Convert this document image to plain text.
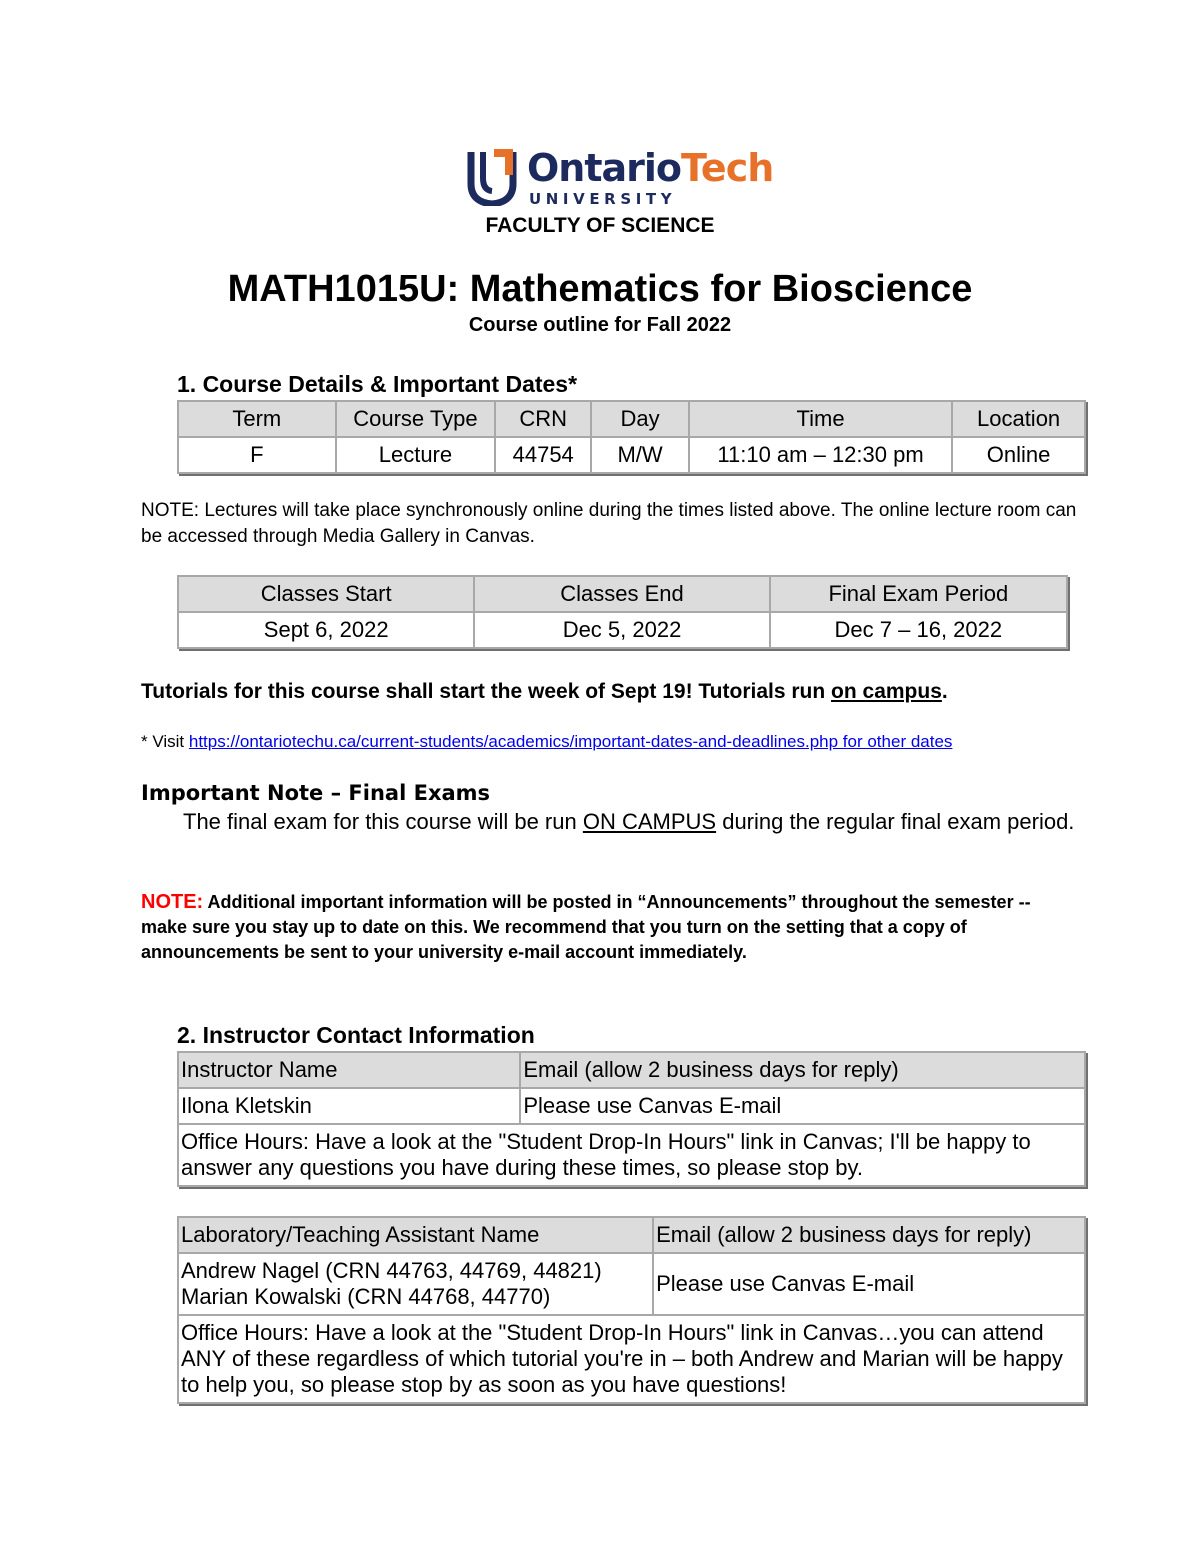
OntarioTech
UNIVERSITY
FACULTY OF SCIENCE
MATH1015U: Mathematics for Bioscience
Course outline for Fall 2022
1. Course Details & Important Dates*
Term	Course Type	CRN	Day	Time	Location
F	Lecture	44754	M/W	11:10 am – 12:30 pm	Online
NOTE: Lectures will take place synchronously online during the times listed above. The online lecture room can be accessed through Media Gallery in Canvas.
Classes Start	Classes End	Final Exam Period
Sept 6, 2022	Dec 5, 2022	Dec 7 – 16, 2022
Tutorials for this course shall start the week of Sept 19! Tutorials run on campus.
* Visit https://ontariotechu.ca/current-students/academics/important-dates-and-deadlines.php for other dates
Important Note – Final Exams
The final exam for this course will be run ON CAMPUS during the regular final exam period.
NOTE: Additional important information will be posted in “Announcements” throughout the semester -- make sure you stay up to date on this. We recommend that you turn on the setting that a copy of announcements be sent to your university e-mail account immediately.
2. Instructor Contact Information
Instructor Name	Email (allow 2 business days for reply)
Ilona Kletskin	Please use Canvas E-mail
Office Hours: Have a look at the "Student Drop-In Hours" link in Canvas; I'll be happy to answer any questions you have during these times, so please stop by.	
Laboratory/Teaching Assistant Name	Email (allow 2 business days for reply)

Andrew Nagel (CRN 44763, 44769, 44821)
Marian Kowalski (CRN 44768, 44770)	Please use Canvas E-mail
Office Hours: Have a look at the "Student Drop-In Hours" link in Canvas…you can attend ANY of these regardless of which tutorial you're in – both Andrew and Marian will be happy to help you, so please stop by as soon as you have questions!	
